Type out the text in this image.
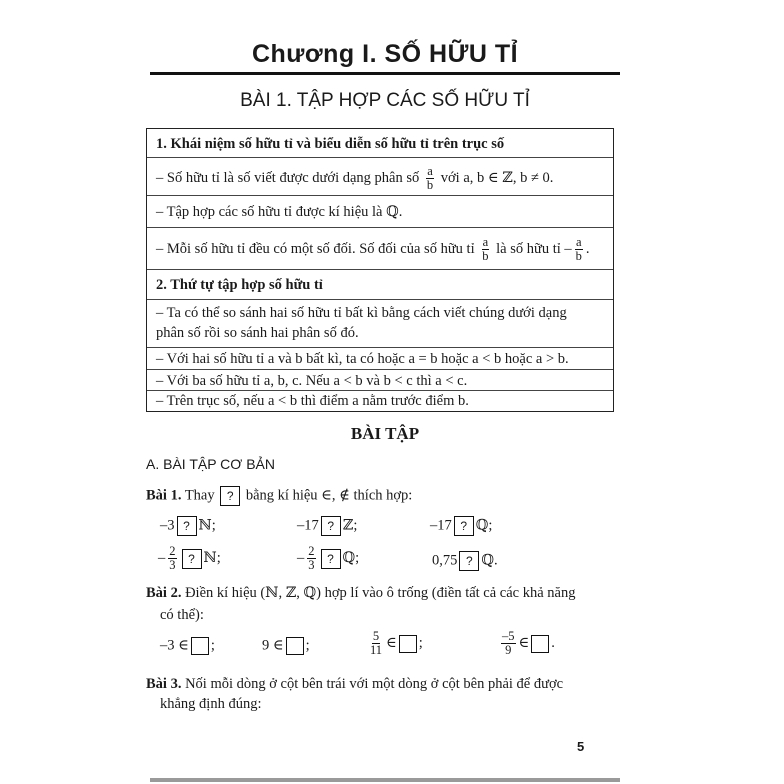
Chương I. SỐ HỮU TỈ
BÀI 1. TẬP HỢP CÁC SỐ HỮU TỈ
1. Khái niệm số hữu tỉ và biểu diễn số hữu tỉ trên trục số
– Số hữu tỉ là số viết được dưới dạng phân số $\frac{a}{b}$ với a, b ∈ ℤ, b ≠ 0.
– Tập hợp các số hữu tỉ được kí hiệu là ℚ.
– Mỗi số hữu tỉ đều có một số đối. Số đối của số hữu tỉ $\frac{a}{b}$ là số hữu tỉ – $\frac{a}{b}$ .
2. Thứ tự tập hợp số hữu tỉ
– Ta có thể so sánh hai số hữu tỉ bất kì bằng cách viết chúng dưới dạng
phân số rồi so sánh hai phân số đó.
– Với hai số hữu tỉ a và b bất kì, ta có hoặc a = b hoặc a < b hoặc a > b.
– Với ba số hữu tỉ a, b, c. Nếu a < b và b < c thì a < c.
– Trên trục số, nếu a < b thì điểm a nằm trước điểm b.
BÀI TẬP
A. BÀI TẬP CƠ BẢN
Bài 1. Thay ? bằng kí hiệu ∈, ∉ thích hợp:
–3 ? ℕ;	–17 ? ℤ;	–17 ? ℚ;
– $\frac{2}{3}$ ? ℕ;	– $\frac{2}{3}$ ? ℚ;	0,75 ? ℚ.
Bài 2. Điền kí hiệu (ℕ, ℤ, ℚ) hợp lí vào ô trống (điền tất cả các khả năng
có thể):
–3 ∈ ;	9 ∈ ;	$\frac{5}{11}$ ∈ ;	$\frac{-5}{9}$ ∈ .
Bài 3. Nối mỗi dòng ở cột bên trái với một dòng ở cột bên phải để được
khẳng định đúng:
5
